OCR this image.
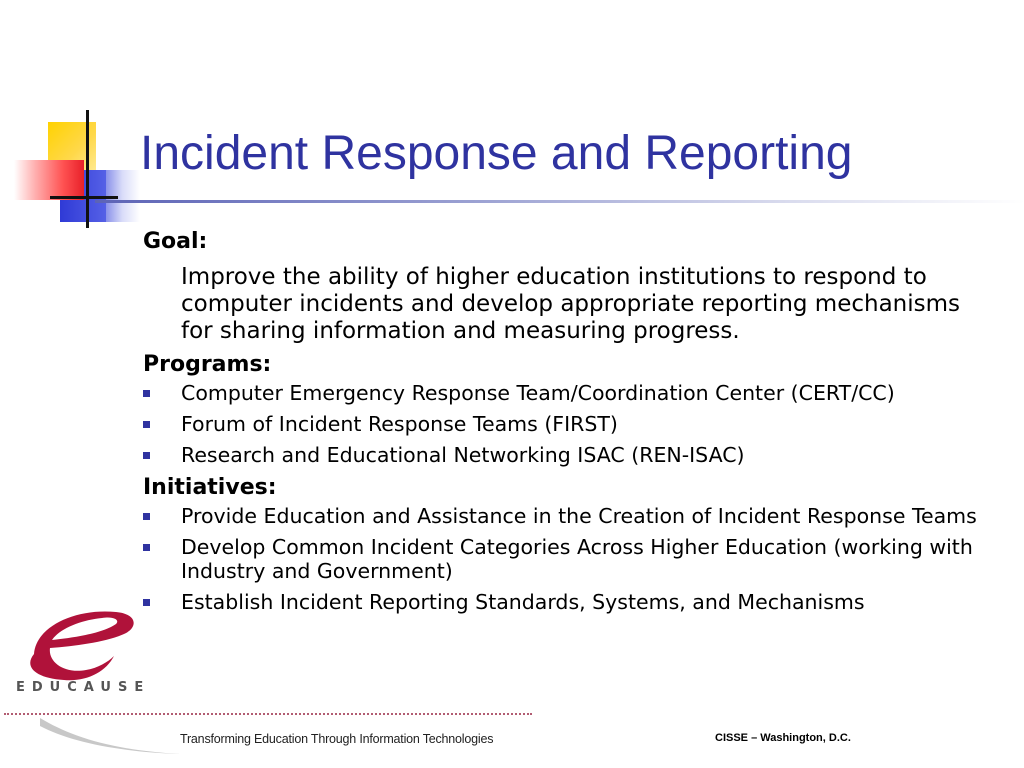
Incident Response and Reporting

Goal:

Improve the ability of higher education institutions to respond to computer incidents and develop appropriate reporting mechanisms for sharing information and measuring progress.

Programs:

Computer Emergency Response Team/Coordination Center (CERT/CC)
Forum of Incident Response Teams (FIRST)
Research and Educational Networking ISAC (REN-ISAC)

Initiatives:

Provide Education and Assistance in the Creation of Incident Response Teams
Develop Common Incident Categories Across Higher Education (working with Industry and Government)
Establish Incident Reporting Standards, Systems, and Mechanisms
EDUCAUSE
Transforming Education Through Information Technologies	CISSE – Washington, D.C.
